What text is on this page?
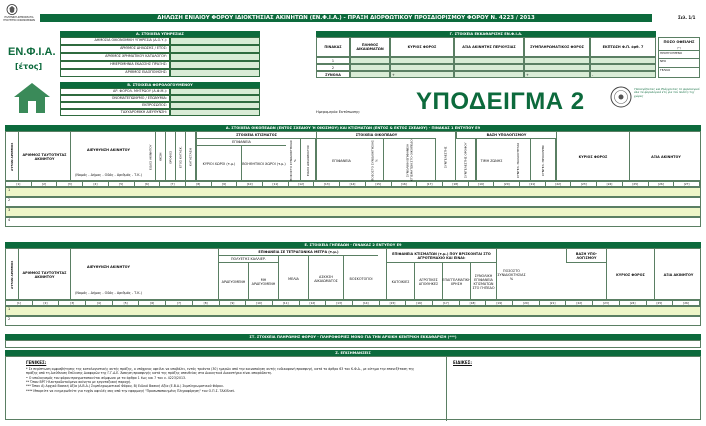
ΕΛΛΗΝΙΚΗ ΔΗΜΟΚΡΑΤΙΑ
ΥΠΟΥΡΓΕΙΟ ΟΙΚΟΝΟΜΙΚΩΝ	ΔΗΛΩΣΗ ΕΝΙΑΙΟΥ ΦΟΡΟΥ ΙΔΙΟΚΤΗΣΙΑΣ ΑΚΙΝΗΤΩΝ (ΕΝ.Φ.Ι.Α.) - ΠΡΑΞΗ ΔΙΟΡΘΩΤΙΚΟΥ ΠΡΟΣΔΙΟΡΙΣΜΟΥ ΦΟΡΟΥ Ν. 4223 / 2013	Σελ. 1/1
ΕΝ.Φ.Ι.Α.
[έτος]
Α. ΣΤΟΙΧΕΙΑ ΥΠΗΡΕΣΙΑΣ
ΔΗΜΟΣΙΑ ΟΙΚΟΝΟΜΙΚΗ ΥΠΗΡΕΣΙΑ (Δ.Ο.Υ.):
ΑΡΙΘΜΟΣ ΔΗΛΩΣΗΣ / ΕΤΟΣ:
ΑΡΙΘΜΟΣ ΧΡΗΜΑΤΙΚΟΥ ΚΑΤΑΛΟΓΟΥ:
ΗΜΕΡΟΜΗΝΙΑ ΕΚΔΟΣΗΣ ΠΡΑΞΗΣ:
ΑΡΙΘΜΟΣ ΕΙΔΟΠΟΙΗΣΗΣ:
Β. ΣΤΟΙΧΕΙΑ ΦΟΡΟΛΟΓΟΥΜΕΝΟΥ
ΑΡ. ΦΟΡΟΛ. ΜΗΤΡΩΟΥ (Α.Φ.Μ.):
ΟΝΟΜΑΤΕΠΩΝΥΜΟ / ΕΠΩΝΥΜΙΑ:
ΕΚΠΡΟΣΩΠΟΣ:
ΤΑΧΥΔΡΟΜΙΚΗ ΔΙΕΥΘΥΝΣΗ:	Ημερομηνία Εκτύπωσης:
Γ. ΣΤΟΙΧΕΙΑ ΕΚΚΑΘΑΡΙΣΗΣ ΕΝ.Φ.Ι.Α.
ΠΙΝΑΚΑΣ	ΠΛΗΘΟΣ ΔΙΚΑΙΩΜΑΤΩΝ	ΚΥΡΙΟΣ ΦΟΡΟΣ	ΑΞΙΑ ΑΚΙΝΗΤΗΣ ΠΕΡΙΟΥΣΙΑΣ	ΣΥΜΠΛΗΡΩΜΑΤΙΚΟΣ ΦΟΡΟΣ	ΕΚΠΤΩΣΗ Φ.Π. άρθ. 7
1
2
ΣΥΝΟΛΑ	+	+	-
ΠΟΣΟ ΟΦΕΙΛΗΣ
(*)
ΠΡΟΗΓΟΥΜΕΝΟ
ΝΕΟ
ΤΕΛΙΚΟ
ΥΠΟΔΕΙΓΜΑ 2	Υπολογίζοντας και Ελέγχοντας το φορολογικό όλα τα φορολογικά έτη για τον πολίτη της χώρας
Δ. ΣΤΟΙΧΕΙΑ ΟΙΚΟΠΕΔΩΝ (ΕΝΤΟΣ ΣΧΕΔΙΟΥ Ή ΟΙΚΙΣΜΟΥ) ΚΑΙ ΚΤΙΣΜΑΤΩΝ (ΕΝΤΟΣ & ΕΚΤΟΣ ΣΧΕΔΙΟΥ) - ΠΙΝΑΚΑΣ 1 ΕΝΤΥΠΟΥ Ε9
ΑΥΞΩΝ ΑΡΙΘΜΟΣ	ΑΡΙΘΜΟΣ ΤΑΥΤΟΤΗΤΑΣ ΑΚΙΝΗΤΟΥ
ΔΙΕΥΘΥΝΣΗ ΑΚΙΝΗΤΟΥ
(Νομός - Δήμος - Οδός - Αριθμός - Τ.Κ.)
ΕΙΔΟΣ ΑΚΙΝΗΤΟΥ	ΘΕΣΗ	ΟΡΟΦΟΣ	ΕΤΟΣ ΚΑΤΑΣΚ.	ΚΑΤΑΣΤΑΣΗ
ΣΤΟΙΧΕΙΑ ΚΤΙΣΜΑΤΟΣ
ΕΠΙΦΑΝΕΙΑ
ΚΥΡΙΟΙ ΧΩΡΟΙ (τ.μ.)	ΒΟΗΘΗΤΙΚΟΙ ΧΩΡΟΙ (τ.μ.)	ΠΟΣΟΣΤΟ ΣΥΝΙΔΙΟΚΤΗΣΙΑΣ %	ΕΙΔΟΣ ΔΙΚΑΙΩΜΑΤΟΣ
ΣΤΟΙΧΕΙΑ ΟΙΚΟΠΕΔΟΥ
ΕΠΙΦΑΝΕΙΑ	ΠΟΣΟΣΤΟ ΣΥΝΙΔΙΟΚΤΗΣΙΑΣ %	ΣΥΝΟΛΙΚΗ ΕΠΙΦΑΝΕΙΑ ΚΤΙΣΜΑΤΩΝ ΣΤΟ ΟΙΚΟΠΕΔΟ	ΣΥΝΤΕΛΕΣΤΗΣ
ΒΑΣΗ ΥΠΟΛΟΓΙΣΜΟΥ
ΣΥΝΤΕΛΕΣΤΗΣ ΟΡΟΦΟΥ	ΤΙΜΗ ΖΩΝΗΣ	ΣΥΝΤΕΛ. ΠΑΛΑΙΟΤΗΤΑΣ	ΣΥΝΤΕΛ. ΠΡΟΣΟΨΗΣ	ΚΥΡΙΟΣ ΦΟΡΟΣ	ΑΞΙΑ ΑΚΙΝΗΤΟΥ
[1]	[2]	[3]	[4]	[5]	[6]	[7]	[8]	[9]	[10]	[11]	[12]	[13]	[14]	[15]	[16]	[17]	[18]	[19]	[20]	[21]	[22]	[23]	[24]	[25]	[26]	[27]
1
2
3
4
Ε. ΣΤΟΙΧΕΙΑ ΓΗΠΕΔΩΝ - ΠΙΝΑΚΑΣ 2 ΕΝΤΥΠΟΥ Ε9
ΑΥΞΩΝ ΑΡΙΘΜΟΣ	ΑΡΙΘΜΟΣ ΤΑΥΤΟΤΗΤΑΣ ΑΚΙΝΗΤΟΥ
ΔΙΕΥΘΥΝΣΗ ΑΚΙΝΗΤΟΥ
(Νομός - Δήμος - Οδός - Αριθμός - Τ.Κ.)
ΕΠΙΦΑΝΕΙΑ ΣΕ ΤΕΤΡΑΓΩΝΙΚΑ ΜΕΤΡΑ (τ.μ.)
ΠΟΛΥΕΤΗΣ ΚΑΛΛΙΕΡ.
ΑΡΔΕΥΟΜΕΝΗ	ΜΗ ΑΡΔΕΥΟΜΕΝΗ
ΜΕΛΙΑ	ΑΣΚΗΣΗ ΔΙΚΑΙΩΜΑΤΟΣ	ΒΟΣΚΟΤΟΠΟΙ
ΕΠΙΦΑΝΕΙΑ ΚΤΙΣΜΑΤΩΝ (τ.μ.) ΠΟΥ ΒΡΙΣΚΟΝΤΑΙ ΣΤΟ ΑΓΡΟΤΕΜΑΧΙΟ ΚΑΙ ΕΙΝΑΙ:
ΚΑΤΟΙΚΙΕΣ	ΑΓΡΟΤΙΚΕΣ ΑΠΟΘΗΚΕΣ
ΕΠΑΓΓΕΛΜΑΤΙΚΗ ΧΡΗΣΗ
ΣΥΝΟΛΙΚΗ ΕΠΙΦΑΝΕΙΑ ΚΤΙΣΜΑΤΩΝ ΣΤΟ ΓΗΠΕΔΟ
ΠΟΣΟΣΤΟ ΣΥΝΙΔΙΟΚΤΗΣΙΑΣ %
ΒΑΣΗ ΥΠΟ-ΛΟΓΙΣΜΟΥ
ΚΥΡΙΟΣ ΦΟΡΟΣ	ΑΞΙΑ ΑΚΙΝΗΤΟΥ
[1]	[2]	[3]	[4]	[5]	[6]	[7]	[8]	[9]	[10]	[11]	[12]	[13]	[14]	[15]	[16]	[17]	[18]	[19]	[20]	[21]	[22]	[23]	[24]	[25]	[26]
1
2
ΣΤ. ΣΤΟΙΧΕΙΑ ΠΛΗΡΩΜΗΣ ΦΟΡΟΥ - ΠΛΗΡΟΦΟΡΙΕΣ ΜΟΝΟ ΓΙΑ ΤΗΝ ΑΡΧΙΚΗ ΚΕΝΤΡΙΚΗ ΕΚΚΑΘΑΡΙΣΗ (***)
Ζ. ΕΠΙΣΗΜΑΝΣΕΙΣ
ΓΕΝΙΚΕΣ:
* Σε περίπτωση αμφισβήτησης της καταλογιστικής αυτής πράξης, ο υπόχρεος οφείλει να υποβάλει, εντός τριάντα (30) ημερών από την κοινοποίηση αυτής ενδικοφανή προσφυγή, κατά το άρθρο 63 του Κ.Φ.Δ., με αίτημα την επανεξέταση της πράξης από τη Διεύθυνση Επίλυσης Διαφορών της Γ.Γ.Δ.Ε. Άσκηση προσφυγής κατά της πράξης απευθείας στα Διοικητικά Δικαστήρια είναι απαράδεκτη.
• Ο υπολογισμός του φόρου πραγματοποιείται σύμφωνα με τα άρθρα 1 έως και 7 του ν. 4223/2013.
** Όπου ΒΡΓ Ηλεκτροδοτούμενο ακίνητο με εργοταξιακή παροχή.
*** Όπου Α) Αρχικό Βασική Αξία (Α.Β.Α.) Συμπληρωματικού Φόρου, Β) Ειδικό Βασική Αξία (Ε.Β.Α.) Συμπληρωματικού Φόρου.
**** Μπορείτε να ενημερωθείτε για τυχόν οφειλές σας από την εφαρμογή "Προσωποποιημένη Πληροφόρηση" του Ο.Π.Σ. TAXISnet.
ΕΙΔΙΚΕΣ:
